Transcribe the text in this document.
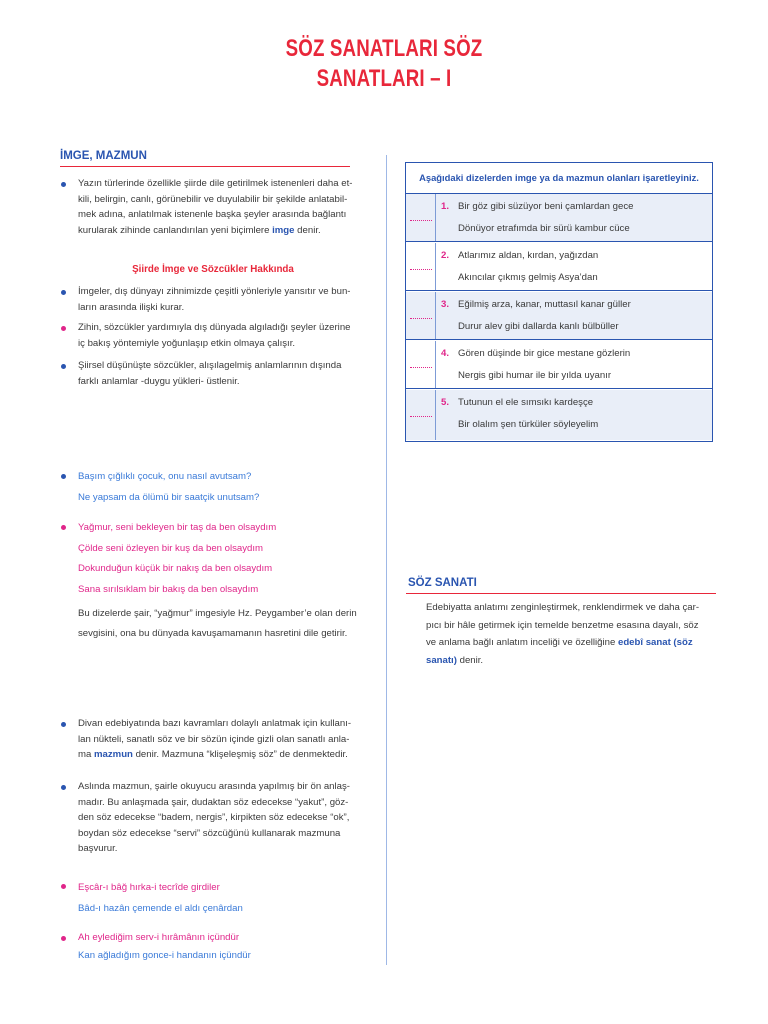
SÖZ SANATLARI SÖZ
SANATLARI – I
İMGE, MAZMUN
Yazın türlerinde özellikle şiirde dile getirilmek istenenleri daha et-
kili, belirgin, canlı, görünebilir ve duyulabilir bir şekilde anlatabil-
mek adına, anlatılmak istenenle başka şeyler arasında bağlantı
kurularak zihinde canlandırılan yeni biçimlere imge denir.
Şiirde İmge ve Sözcükler Hakkında
İmgeler, dış dünyayı zihnimizde çeşitli yönleriyle yansıtır ve bun-
ların arasında ilişki kurar.
Zihin, sözcükler yardımıyla dış dünyada algıladığı şeyler üzerine
iç bakış yöntemiyle yoğunlaşıp etkin olmaya çalışır.
Şiirsel düşünüşte sözcükler, alışılagelmiş anlamlarının dışında
farklı anlamlar -duygu yükleri- üstlenir.
Başım çığlıklı çocuk, onu nasıl avutsam?
Ne yapsam da ölümü bir saatçik unutsam?
Yağmur, seni bekleyen bir taş da ben olsaydım
Çölde seni özleyen bir kuş da ben olsaydım
Dokunduğun küçük bir nakış da ben olsaydım
Sana sırılsıklam bir bakış da ben olsaydım
Bu dizelerde şair, “yağmur” imgesiyle Hz. Peygamber’e olan derin
sevgisini, ona bu dünyada kavuşamamanın hasretini dile getirir.
Divan edebiyatında bazı kavramları dolaylı anlatmak için kullanı-
lan nükteli, sanatlı söz ve bir sözün içinde gizli olan sanatlı anla-
ma mazmun denir. Mazmuna “klişeleşmiş söz” de denmektedir.
Aslında mazmun, şairle okuyucu arasında yapılmış bir ön anlaş-
madır. Bu anlaşmada şair, dudaktan söz edecekse “yakut”, göz-
den söz edecekse “badem, nergis”, kirpikten söz edecekse “ok”,
boydan söz edecekse “servi” sözcüğünü kullanarak mazmuna
başvurur.
Eşcâr-ı bâğ hırka-i tecrîde girdiler
Bâd-ı hazân çemende el aldı çenârdan
Ah eylediğim serv-i hırâmânın içündür
Kan ağladığım gonce-i handanın içündür
Aşağıdaki dizelerden imge ya da mazmun olanları işaretleyiniz.
1. Bir göz gibi süzüyor beni çamlardan gece
Dönüyor etrafımda bir sürü kambur cüce
2. Atlarımız aldan, kırdan, yağızdan
Akıncılar çıkmış gelmiş Asya’dan
3. Eğilmiş arza, kanar, muttasıl kanar güller
Durur alev gibi dallarda kanlı bülbüller
4. Gören düşinde bir gice mestane gözlerin
Nergis gibi humar ile bir yılda uyanır
5. Tutunun el ele sımsıkı kardeşçe
Bir olalım şen türküler söyleyelim
SÖZ SANATI
Edebiyatta anlatımı zenginleştirmek, renklendirmek ve daha çar-
pıcı bir hâle getirmek için temelde benzetme esasına dayalı, söz
ve anlama bağlı anlatım inceliği ve özelliğine edebî sanat (söz
sanatı) denir.
